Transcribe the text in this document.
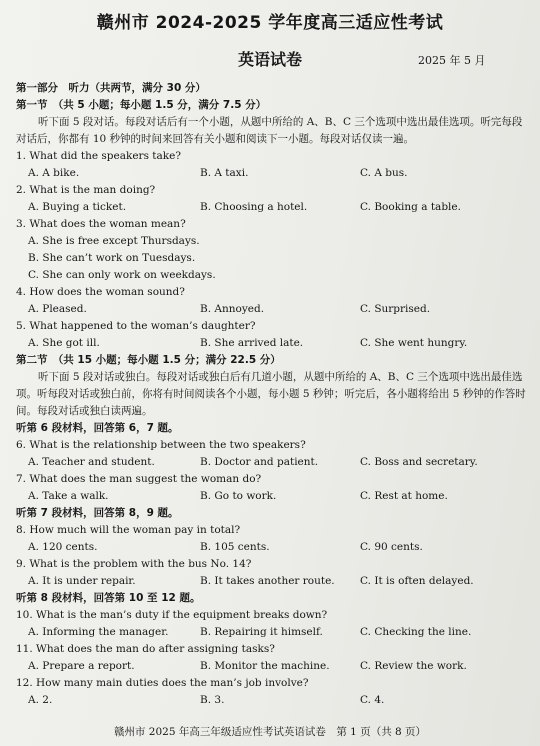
赣州市 2024-2025 学年度高三适应性考试
英语试卷	2025 年 5 月
第一部分　听力（共两节，满分 30 分）
第一节　（共 5 小题；每小题 1.5 分，满分 7.5 分）
听下面 5 段对话。每段对话后有一个小题，从题中所给的 A、B、C 三个选项中选出最佳选项。听完每段对话后，你都有 10 秒钟的时间来回答有关小题和阅读下一小题。每段对话仅读一遍。
1. What did the speakers take?
A. A bike.	B. A taxi.	C. A bus.
2. What is the man doing?
A. Buying a ticket.	B. Choosing a hotel.	C. Booking a table.
3. What does the woman mean?
A. She is free except Thursdays.
B. She can’t work on Tuesdays.
C. She can only work on weekdays.
4. How does the woman sound?
A. Pleased.	B. Annoyed.	C. Surprised.
5. What happened to the woman’s daughter?
A. She got ill.	B. She arrived late.	C. She went hungry.
第二节　（共 15 小题；每小题 1.5 分；满分 22.5 分）
听下面 5 段对话或独白。每段对话或独白后有几道小题，从题中所给的 A、B、C 三个选项中选出最佳选项。听每段对话或独白前，你将有时间阅读各个小题，每小题 5 秒钟；听完后，各小题将给出 5 秒钟的作答时间。每段对话或独白读两遍。
听第 6 段材料，回答第 6，7 题。
6. What is the relationship between the two speakers?
A. Teacher and student.	B. Doctor and patient.	C. Boss and secretary.
7. What does the man suggest the woman do?
A. Take a walk.	B. Go to work.	C. Rest at home.
听第 7 段材料，回答第 8，9 题。
8. How much will the woman pay in total?
A. 120 cents.	B. 105 cents.	C. 90 cents.
9. What is the problem with the bus No. 14?
A. It is under repair.	B. It takes another route. C. It is often delayed.
听第 8 段材料，回答第 10 至 12 题。
10. What is the man’s duty if the equipment breaks down?
A. Informing the manager.	B. Repairing it himself.	C. Checking the line.
11. What does the man do after assigning tasks?
A. Prepare a report.	B. Monitor the machine.	C. Review the work.
12. How many main duties does the man’s job involve?
A. 2.	B. 3.	C. 4.
赣州市 2025 年高三年级适应性考试英语试卷　第 1 页（共 8 页）
